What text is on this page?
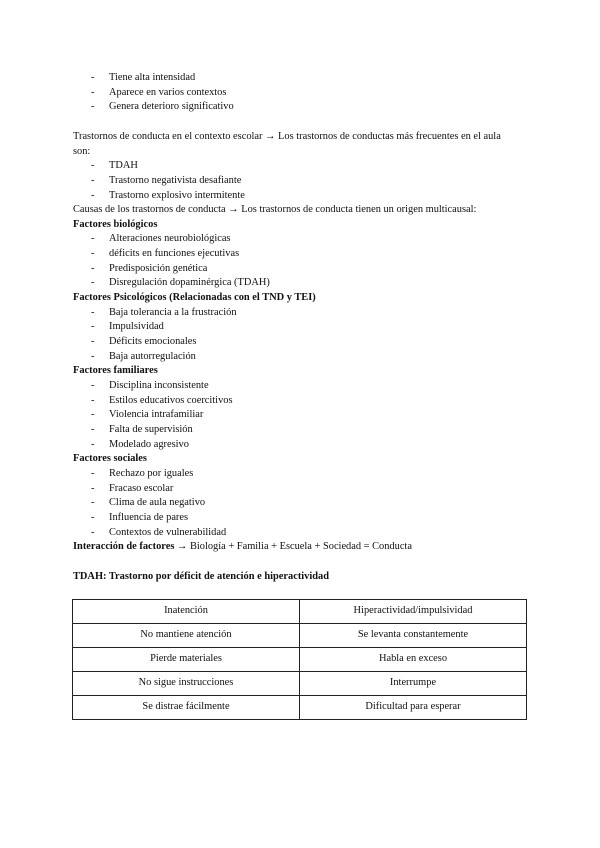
- Tiene alta intensidad
- Aparece en varios contextos
- Genera deterioro significativo
Trastornos de conducta en el contexto escolar → Los trastornos de conductas más frecuentes en el aula son:
- TDAH
- Trastorno negativista desafiante
- Trastorno explosivo intermitente
Causas de los trastornos de conducta → Los trastornos de conducta tienen un origen multicausal:
Factores biológicos
- Alteraciones neurobiológicas
- déficits en funciones ejecutivas
- Predisposición genética
- Disregulación dopaminérgica (TDAH)
Factores Psicológicos (Relacionadas con el TND y TEI)
- Baja tolerancia a la frustración
- Impulsividad
- Déficits emocionales
- Baja autorregulación
Factores familiares
- Disciplina inconsistente
- Estilos educativos coercitivos
- Violencia intrafamiliar
- Falta de supervisión
- Modelado agresivo
Factores sociales
- Rechazo por iguales
- Fracaso escolar
- Clima de aula negativo
- Influencia de pares
- Contextos de vulnerabilidad
Interacción de factores → Biología + Familia + Escuela + Sociedad = Conducta
TDAH: Trastorno por déficit de atención e hiperactividad
Inatención	Hiperactividad/impulsividad
No mantiene atención	Se levanta constantemente
Pierde materiales	Habla en exceso
No sigue instrucciones	Interrumpe
Se distrae fácilmente	Dificultad para esperar
